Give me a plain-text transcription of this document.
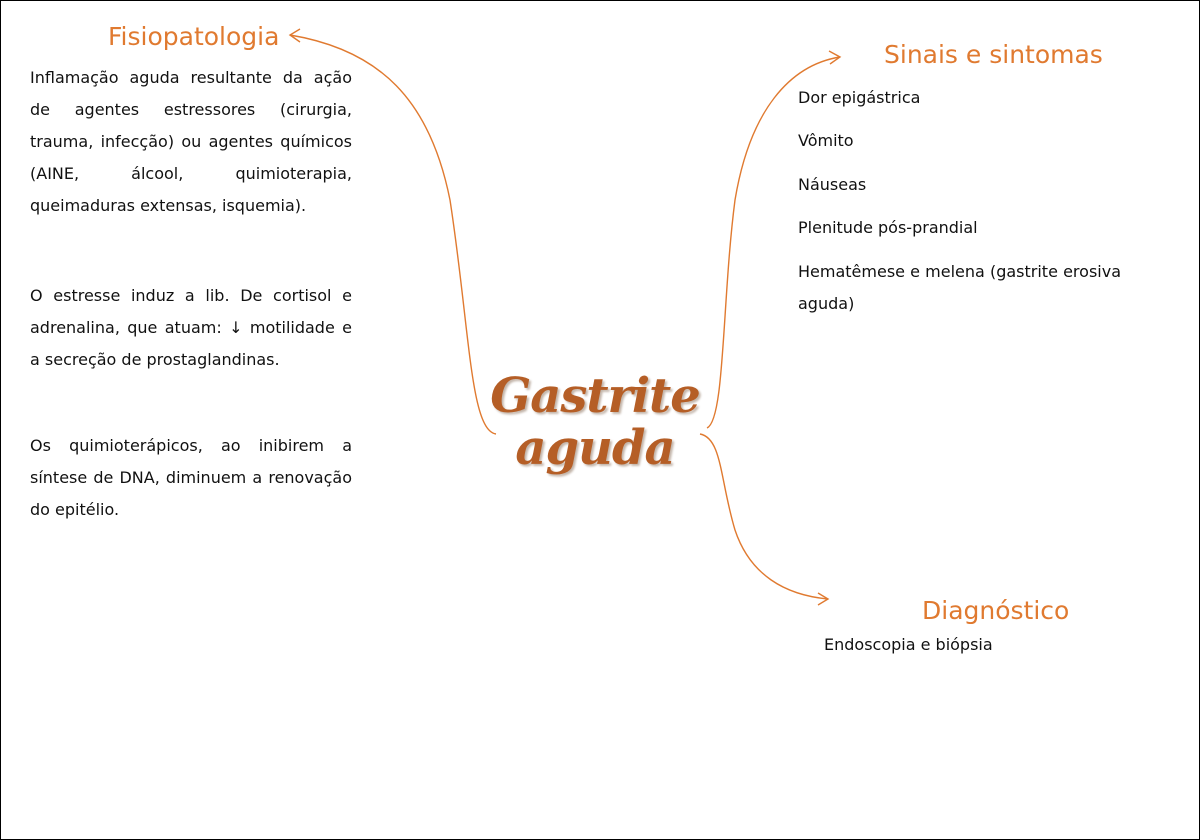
Gastrite
aguda
Fisiopatologia

Inflamação aguda resultante da ação de agentes estressores (cirurgia, trauma, infecção) ou agentes químicos (AINE, álcool, quimioterapia, queimaduras extensas, isquemia).

O estresse induz a lib. De cortisol e adrenalina, que atuam: ↓ motilidade e a secreção de prostaglandinas.

Os quimioterápicos, ao inibirem a síntese de DNA, diminuem a renovação do epitélio.

Sinais e sintomas

Dor epigástrica

Vômito

Náuseas

Plenitude pós-prandial

Hematêmese e melena (gastrite erosiva aguda)

Diagnóstico

Endoscopia e biópsia
